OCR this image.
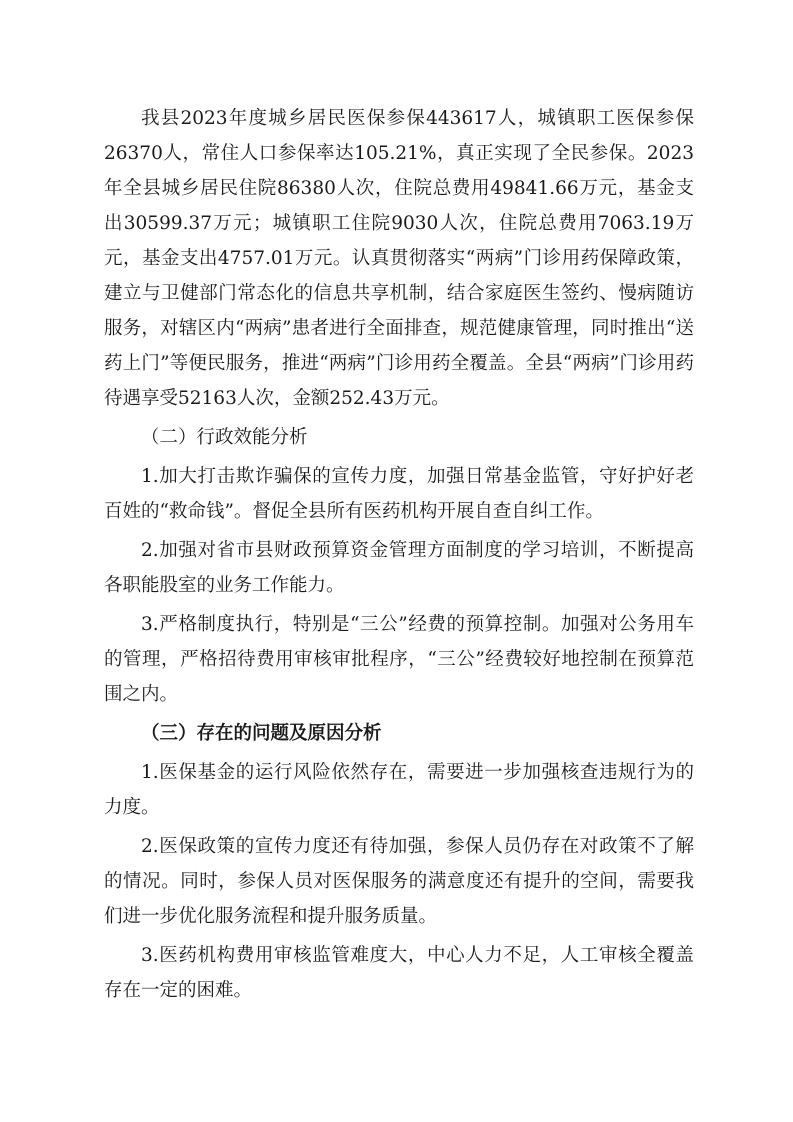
我县2023年度城乡居民医保参保443617人，城镇职工医保参保26370人，常住人口参保率达105.21%，真正实现了全民参保。2023年全县城乡居民住院86380人次，住院总费用49841.66万元，基金支出30599.37万元；城镇职工住院9030人次，住院总费用7063.19万元，基金支出4757.01万元。认真贯彻落实“两病”门诊用药保障政策，建立与卫健部门常态化的信息共享机制，结合家庭医生签约、慢病随访服务，对辖区内“两病”患者进行全面排查，规范健康管理，同时推出“送药上门”等便民服务，推进“两病”门诊用药全覆盖。全县“两病”门诊用药待遇享受52163人次，金额252.43万元。

（二）行政效能分析

1.加大打击欺诈骗保的宣传力度，加强日常基金监管，守好护好老百姓的“救命钱”。督促全县所有医药机构开展自查自纠工作。

2.加强对省市县财政预算资金管理方面制度的学习培训，不断提高各职能股室的业务工作能力。

3.严格制度执行，特别是“三公”经费的预算控制。加强对公务用车的管理，严格招待费用审核审批程序，“三公”经费较好地控制在预算范围之内。

（三）存在的问题及原因分析

1.医保基金的运行风险依然存在，需要进一步加强核查违规行为的力度。

2.医保政策的宣传力度还有待加强，参保人员仍存在对政策不了解的情况。同时，参保人员对医保服务的满意度还有提升的空间，需要我们进一步优化服务流程和提升服务质量。

3.医药机构费用审核监管难度大，中心人力不足，人工审核全覆盖存在一定的困难。
